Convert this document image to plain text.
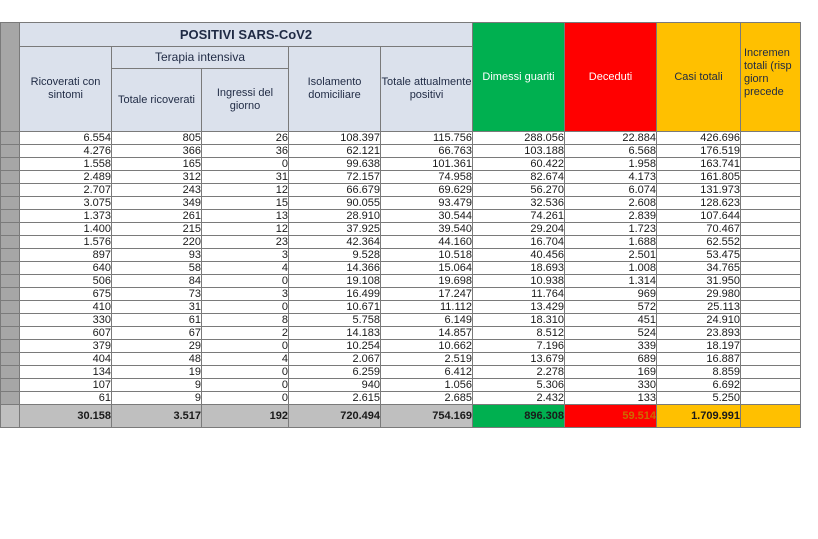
	POSITIVI SARS-CoV2					Dimessi guariti	Deceduti	Casi totali	Incremen totali (risp giorn precede
	Ricoverati con sintomi	Terapia intensiva		Isolamento domiciliare	Totale attualmente positivi				
		Totale ricoverati	Ingressi del giorno						
	6.554	805	26	108.397	115.756	288.056	22.884	426.696	
	4.276	366	36	62.121	66.763	103.188	6.568	176.519	
	1.558	165	0	99.638	101.361	60.422	1.958	163.741	
	2.489	312	31	72.157	74.958	82.674	4.173	161.805	
	2.707	243	12	66.679	69.629	56.270	6.074	131.973	
	3.075	349	15	90.055	93.479	32.536	2.608	128.623	
	1.373	261	13	28.910	30.544	74.261	2.839	107.644	
	1.400	215	12	37.925	39.540	29.204	1.723	70.467	
	1.576	220	23	42.364	44.160	16.704	1.688	62.552	
	897	93	3	9.528	10.518	40.456	2.501	53.475	
	640	58	4	14.366	15.064	18.693	1.008	34.765	
	506	84	0	19.108	19.698	10.938	1.314	31.950	
	675	73	3	16.499	17.247	11.764	969	29.980	
	410	31	0	10.671	11.112	13.429	572	25.113	
	330	61	8	5.758	6.149	18.310	451	24.910	
	607	67	2	14.183	14.857	8.512	524	23.893	
	379	29	0	10.254	10.662	7.196	339	18.197	
	404	48	4	2.067	2.519	13.679	689	16.887	
	134	19	0	6.259	6.412	2.278	169	8.859	
	107	9	0	940	1.056	5.306	330	6.692	
	61	9	0	2.615	2.685	2.432	133	5.250	
	30.158	3.517	192	720.494	754.169	896.308	59.514	1.709.991	
